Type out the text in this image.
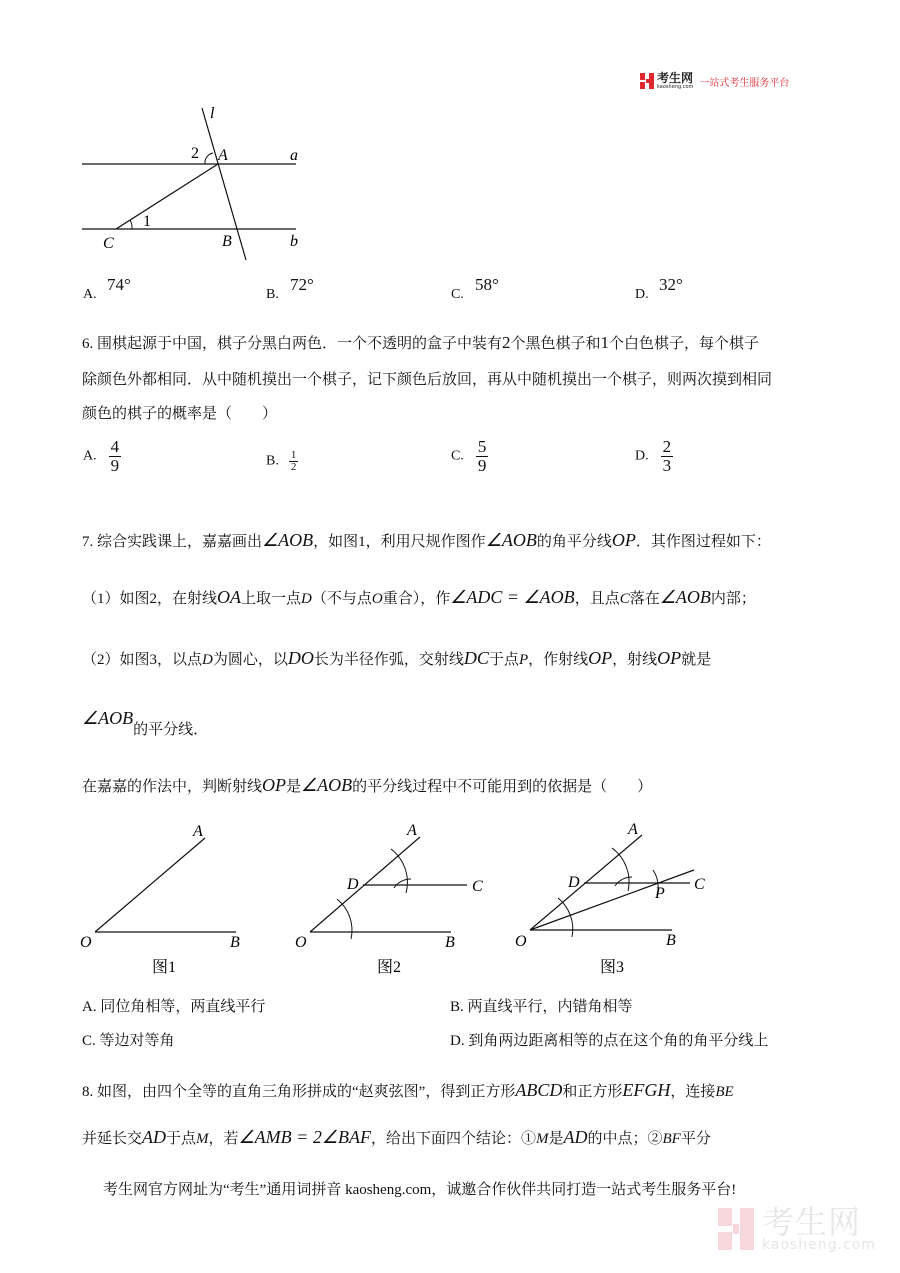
考生网
kaosheng.com 一站式考生服务平台
l
2 A	a
1
C	B	b
A.
74°
B.
72°
C.
58°
D.
32°
6. 围棋起源于中国，棋子分黑白两色．一个不透明的盒子中装有2个黑色棋子和1个白色棋子，每个棋子
除颜色外都相同．从中随机摸出一个棋子，记下颜色后放回，再从中随机摸出一个棋子，则两次摸到相同
颜色的棋子的概率是（　　）
A. $\frac{4}{9}$	B. $\frac{1}{2}$	C. $\frac{5}{9}$	D. $\frac{2}{3}$
7. 综合实践课上，嘉嘉画出∠AOB，如图1，利用尺规作图作∠AOB的角平分线OP．其作图过程如下：
（1）如图2，在射线OA上取一点D（不与点O重合），作∠ADC = ∠AOB，且点C落在∠AOB内部；
（2）如图3，以点D为圆心，以DO长为半径作弧，交射线DC于点P，作射线OP，射线OP就是
∠AOB的平分线．
在嘉嘉的作法中，判断射线OP是∠AOB的平分线过程中不可能用到的依据是（　　）
A
O	B
图1
A
D	C
O	B
图2
A
D
P
C
O	B
图3
A. 同位角相等，两直线平行	B. 两直线平行，内错角相等
C. 等边对等角	D. 到角两边距离相等的点在这个角的角平分线上
8. 如图，由四个全等的直角三角形拼成的“赵爽弦图”，得到正方形ABCD和正方形EFGH，连接BE
并延长交AD于点M，若∠AMB = 2∠BAF，给出下面四个结论：①M是AD的中点；②BF平分
考生网官方网址为“考生”通用词拼音 kaosheng.com，诚邀合作伙伴共同打造一站式考生服务平台!
考生网
kaosheng.com
